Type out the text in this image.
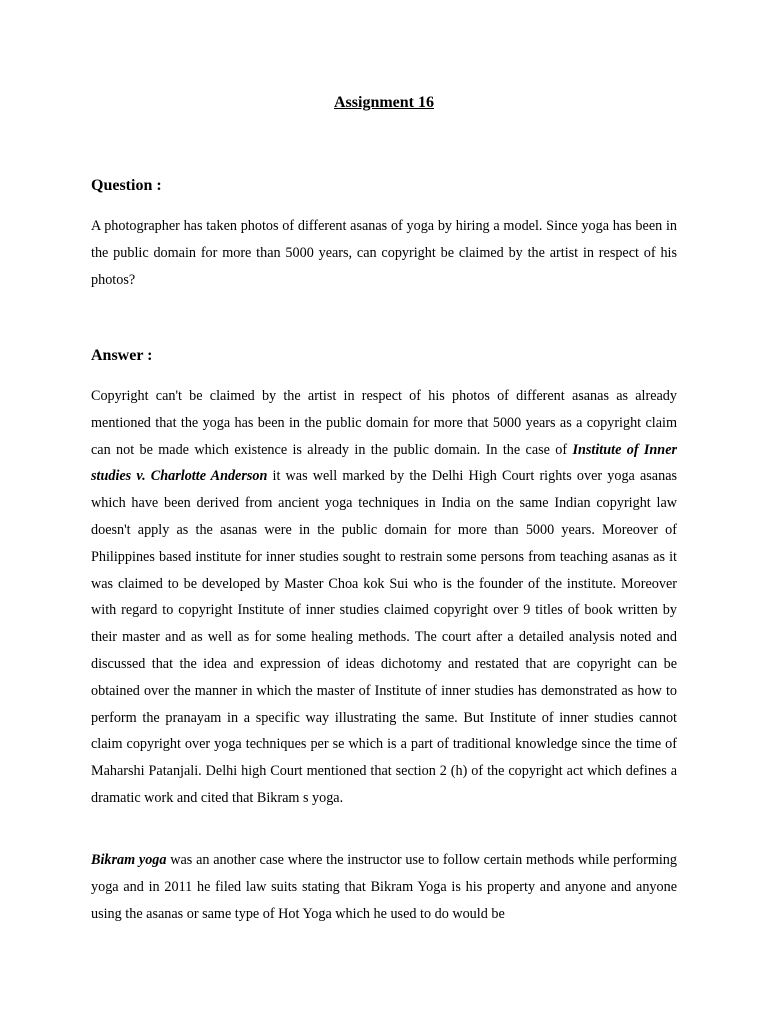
Assignment 16
Question :
A photographer has taken photos of different asanas of yoga by hiring a model. Since yoga has been in the public domain for more than 5000 years, can copyright be claimed by the artist in respect of his photos?
Answer :
Copyright can't be claimed by the artist in respect of his photos of different asanas as already mentioned that the yoga has been in the public domain for more that 5000 years as a copyright claim can not be made which existence is already in the public domain. In the case of Institute of Inner studies v. Charlotte Anderson it was well marked by the Delhi High Court rights over yoga asanas which have been derived from ancient yoga techniques in India on the same Indian copyright law doesn't apply as the asanas were in the public domain for more than 5000 years. Moreover of Philippines based institute for inner studies sought to restrain some persons from teaching asanas as it was claimed to be developed by Master Choa kok Sui who is the founder of the institute. Moreover with regard to copyright Institute of inner studies claimed copyright over 9 titles of book written by their master and as well as for some healing methods. The court after a detailed analysis noted and discussed that the idea and expression of ideas dichotomy and restated that are copyright can be obtained over the manner in which the master of Institute of inner studies has demonstrated as how to perform the pranayam in a specific way illustrating the same. But Institute of inner studies cannot claim copyright over yoga techniques per se which is a part of traditional knowledge since the time of Maharshi Patanjali. Delhi high Court mentioned that section 2 (h) of the copyright act which defines a dramatic work and cited that Bikram s yoga.
Bikram yoga was an another case where the instructor use to follow certain methods while performing yoga and in 2011 he filed law suits stating that Bikram Yoga is his property and anyone and anyone using the asanas or same type of Hot Yoga which he used to do would be
